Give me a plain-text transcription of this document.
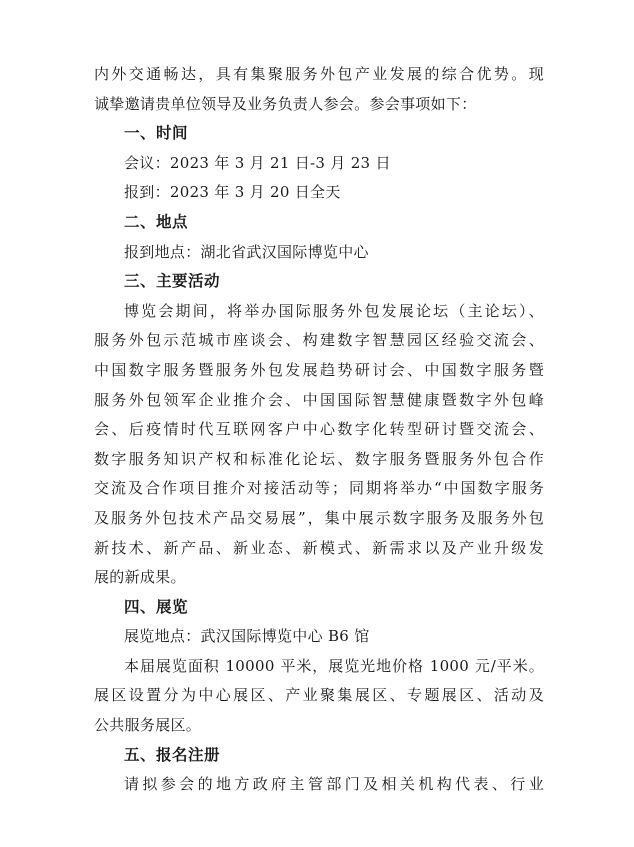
内外交通畅达，具有集聚服务外包产业发展的综合优势。现
诚挚邀请贵单位领导及业务负责人参会。参会事项如下：
一、时间
会议：2023 年 3 月 21 日-3 月 23 日
报到：2023 年 3 月 20 日全天
二、地点
报到地点：湖北省武汉国际博览中心
三、主要活动
博览会期间，将举办国际服务外包发展论坛（主论坛）、
服务外包示范城市座谈会、构建数字智慧园区经验交流会、
中国数字服务暨服务外包发展趋势研讨会、中国数字服务暨
服务外包领军企业推介会、中国国际智慧健康暨数字外包峰
会、后疫情时代互联网客户中心数字化转型研讨暨交流会、
数字服务知识产权和标准化论坛、数字服务暨服务外包合作
交流及合作项目推介对接活动等；同期将举办“中国数字服务
及服务外包技术产品交易展”，集中展示数字服务及服务外包
新技术、新产品、新业态、新模式、新需求以及产业升级发
展的新成果。
四、展览
展览地点：武汉国际博览中心 B6 馆
本届展览面积 10000 平米，展览光地价格 1000 元/平米。
展区设置分为中心展区、产业聚集展区、专题展区、活动及
公共服务展区。
五、报名注册
请拟参会的地方政府主管部门及相关机构代表、行业
